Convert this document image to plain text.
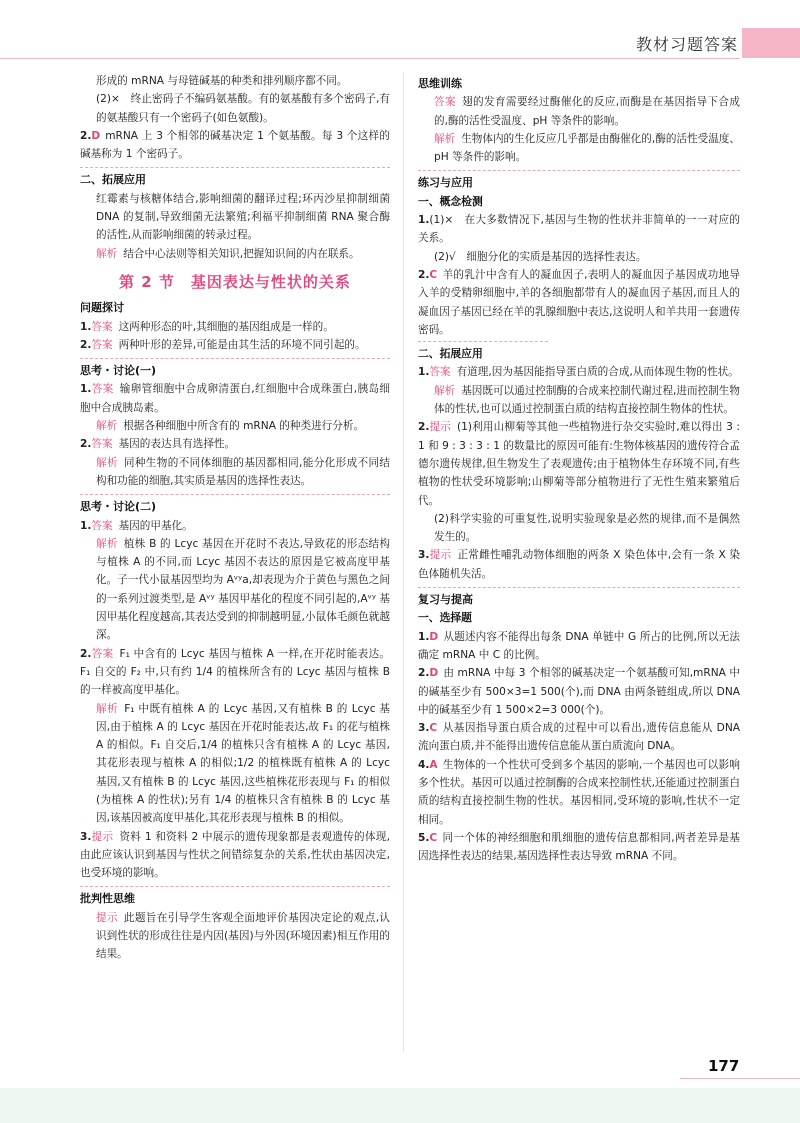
教材习题答案

形成的 mRNA 与母链碱基的种类和排列顺序都不同。

(2)×　终止密码子不编码氨基酸。有的氨基酸有多个密码子,有的氨基酸只有一个密码子(如色氨酸)。

2.D mRNA 上 3 个相邻的碱基决定 1 个氨基酸。每 3 个这样的碱基称为 1 个密码子。

二、拓展应用

红霉素与核糖体结合,影响细菌的翻译过程;环丙沙星抑制细菌 DNA 的复制,导致细菌无法繁殖;利福平抑制细菌 RNA 聚合酶的活性,从而影响细菌的转录过程。

解析 结合中心法则等相关知识,把握知识间的内在联系。

第 2 节　基因表达与性状的关系

问题探讨

1.答案 这两种形态的叶,其细胞的基因组成是一样的。

2.答案 两种叶形的差异,可能是由其生活的环境不同引起的。

思考・讨论(一)

1.答案 输卵管细胞中合成卵清蛋白,红细胞中合成珠蛋白,胰岛细胞中合成胰岛素。

解析 根据各种细胞中所含有的 mRNA 的种类进行分析。

2.答案 基因的表达具有选择性。

解析 同种生物的不同体细胞的基因都相同,能分化形成不同结构和功能的细胞,其实质是基因的选择性表达。

思考・讨论(二)

1.答案 基因的甲基化。

解析 植株 B 的 Lcyc 基因在开花时不表达,导致花的形态结构与植株 A 的不同,而 Lcyc 基因不表达的原因是它被高度甲基化。子一代小鼠基因型均为 Aᵛʸa,却表现为介于黄色与黑色之间的一系列过渡类型,是 Aᵛʸ 基因甲基化的程度不同引起的,Aᵛʸ 基因甲基化程度越高,其表达受到的抑制越明显,小鼠体毛颜色就越深。

2.答案 F₁ 中含有的 Lcyc 基因与植株 A 一样,在开花时能表达。F₁ 自交的 F₂ 中,只有约 1/4 的植株所含有的 Lcyc 基因与植株 B 的一样被高度甲基化。

解析 F₁ 中既有植株 A 的 Lcyc 基因,又有植株 B 的 Lcyc 基因,由于植株 A 的 Lcyc 基因在开花时能表达,故 F₁ 的花与植株 A 的相似。F₁ 自交后,1/4 的植株只含有植株 A 的 Lcyc 基因,其花形表现与植株 A 的相似;1/2 的植株既有植株 A 的 Lcyc 基因,又有植株 B 的 Lcyc 基因,这些植株花形表现与 F₁ 的相似(为植株 A 的性状);另有 1/4 的植株只含有植株 B 的 Lcyc 基因,该基因被高度甲基化,其花形表现与植株 B 的相似。

3.提示 资料 1 和资料 2 中展示的遗传现象都是表观遗传的体现,由此应该认识到基因与性状之间错综复杂的关系,性状由基因决定,也受环境的影响。

批判性思维

提示 此题旨在引导学生客观全面地评价基因决定论的观点,认识到性状的形成往往是内因(基因)与外因(环境因素)相互作用的结果。

思维训练

答案 翅的发育需要经过酶催化的反应,而酶是在基因指导下合成的,酶的活性受温度、pH 等条件的影响。

解析 生物体内的生化反应几乎都是由酶催化的,酶的活性受温度、pH 等条件的影响。

练习与应用

一、概念检测

1.(1)×　在大多数情况下,基因与生物的性状并非简单的一一对应的关系。

(2)√　细胞分化的实质是基因的选择性表达。

2.C 羊的乳汁中含有人的凝血因子,表明人的凝血因子基因成功地导入羊的受精卵细胞中,羊的各细胞都带有人的凝血因子基因,而且人的凝血因子基因已经在羊的乳腺细胞中表达,这说明人和羊共用一套遗传密码。

二、拓展应用

1.答案 有道理,因为基因能指导蛋白质的合成,从而体现生物的性状。

解析 基因既可以通过控制酶的合成来控制代谢过程,进而控制生物体的性状,也可以通过控制蛋白质的结构直接控制生物体的性状。

2.提示 (1)利用山柳菊等其他一些植物进行杂交实验时,难以得出 3 : 1 和 9 : 3 : 3 : 1 的数量比的原因可能有:生物体核基因的遗传符合孟德尔遗传规律,但生物发生了表观遗传;由于植物体生存环境不同,有些植物的性状受环境影响;山柳菊等部分植物进行了无性生殖来繁殖后代。

(2)科学实验的可重复性,说明实验现象是必然的规律,而不是偶然发生的。

3.提示 正常雌性哺乳动物体细胞的两条 X 染色体中,会有一条 X 染色体随机失活。

复习与提高

一、选择题

1.D 从题述内容不能得出每条 DNA 单链中 G 所占的比例,所以无法确定 mRNA 中 C 的比例。

2.D 由 mRNA 中每 3 个相邻的碱基决定一个氨基酸可知,mRNA 中的碱基至少有 500×3=1 500(个),而 DNA 由两条链组成,所以 DNA 中的碱基至少有 1 500×2=3 000(个)。

3.C 从基因指导蛋白质合成的过程中可以看出,遗传信息能从 DNA 流向蛋白质,并不能得出遗传信息能从蛋白质流向 DNA。

4.A 生物体的一个性状可受到多个基因的影响,一个基因也可以影响多个性状。基因可以通过控制酶的合成来控制性状,还能通过控制蛋白质的结构直接控制生物的性状。基因相同,受环境的影响,性状不一定相同。

5.C 同一个体的神经细胞和肌细胞的遗传信息都相同,两者差异是基因选择性表达的结果,基因选择性表达导致 mRNA 不同。

177
